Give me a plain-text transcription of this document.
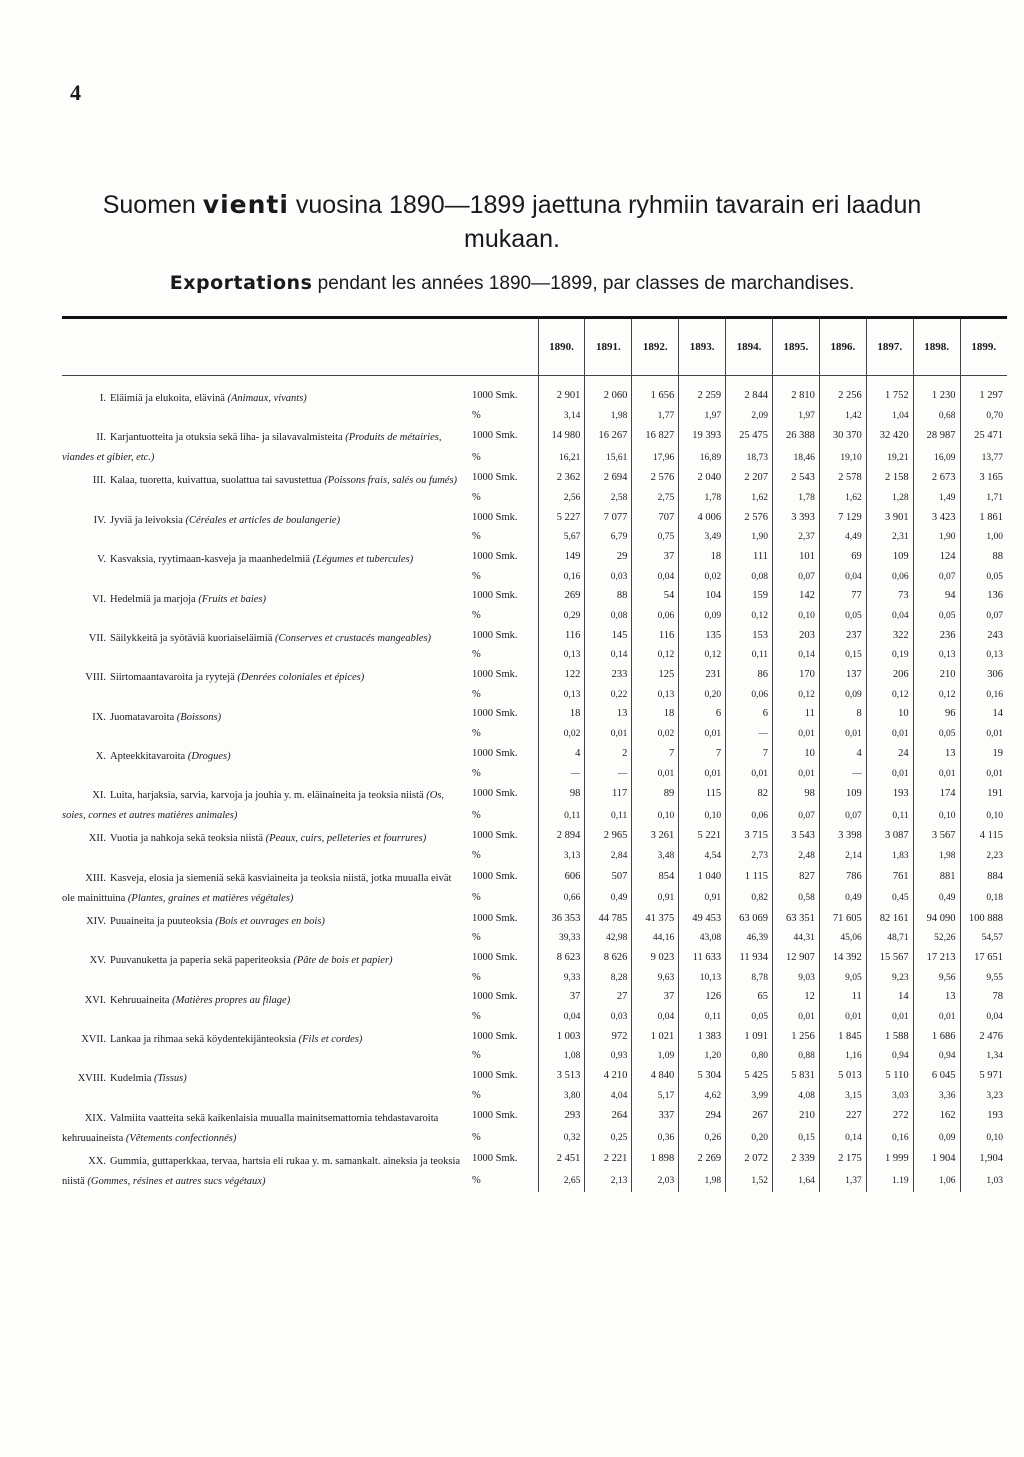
4
Suomen vienti vuosina 1890—1899 jaettuna ryhmiin tavarain eri laadun mukaan.
Exportations pendant les années 1890—1899, par classes de marchandises.

		1890.	1891.	1892.	1893.	1894.	1895.	1896.	1897.	1898.	1899.

I. Eläimiä ja elukoita, elävinä (Animaux, vivants)	1000 Smk.	2 901	2 060	1 656	2 259	2 844	2 810	2 256	1 752	1 230	1 297
	%	3,14	1,98	1,77	1,97	2,09	1,97	1,42	1,04	0,68	0,70
II. Karjantuotteita ja otuksia sekä liha- ja silavavalmisteita (Produits de métairies, viandes et gibier, etc.)	1000 Smk.	14 980	16 267	16 827	19 393	25 475	26 388	30 370	32 420	28 987	25 471
	%	16,21	15,61	17,96	16,89	18,73	18,46	19,10	19,21	16,09	13,77
III. Kalaa, tuoretta, kuivattua, suolattua tai savustettua (Poissons frais, salés ou fumés)	1000 Smk.	2 362	2 694	2 576	2 040	2 207	2 543	2 578	2 158	2 673	3 165
	%	2,56	2,58	2,75	1,78	1,62	1,78	1,62	1,28	1,49	1,71
IV. Jyviä ja leivoksia (Céréales et articles de boulangerie)	1000 Smk.	5 227	7 077	707	4 006	2 576	3 393	7 129	3 901	3 423	1 861
	%	5,67	6,79	0,75	3,49	1,90	2,37	4,49	2,31	1,90	1,00
V. Kasvaksia, ryytimaan-kasveja ja maanhedelmiä (Légumes et tubercules)	1000 Smk.	149	29	37	18	111	101	69	109	124	88
	%	0,16	0,03	0,04	0,02	0,08	0,07	0,04	0,06	0,07	0,05
VI. Hedelmiä ja marjoja (Fruits et baies)	1000 Smk.	269	88	54	104	159	142	77	73	94	136
	%	0,29	0,08	0,06	0,09	0,12	0,10	0,05	0,04	0,05	0,07
VII. Säilykkeitä ja syötäviä kuoriaiseläimiä (Conserves et crustacés mangeables)	1000 Smk.	116	145	116	135	153	203	237	322	236	243
	%	0,13	0,14	0,12	0,12	0,11	0,14	0,15	0,19	0,13	0,13
VIII. Siirtomaantavaroita ja ryytejä (Denrées coloniales et épices)	1000 Smk.	122	233	125	231	86	170	137	206	210	306
	%	0,13	0,22	0,13	0,20	0,06	0,12	0,09	0,12	0,12	0,16
IX. Juomatavaroita (Boissons)	1000 Smk.	18	13	18	6	6	11	8	10	96	14
	%	0,02	0,01	0,02	0,01	—	0,01	0,01	0,01	0,05	0,01
X. Apteekkitavaroita (Drogues)	1000 Smk.	4	2	7	7	7	10	4	24	13	19
	%	—	—	0,01	0,01	0,01	0,01	—	0,01	0,01	0,01
XI. Luita, harjaksia, sarvia, karvoja ja jouhia y. m. eläinaineita ja teoksia niistä (Os, soies, cornes et autres matières animales)	1000 Smk.	98	117	89	115	82	98	109	193	174	191
	%	0,11	0,11	0,10	0,10	0,06	0,07	0,07	0,11	0,10	0,10
XII. Vuotia ja nahkoja sekä teoksia niistä (Peaux, cuirs, pelleteries et fourrures)	1000 Smk.	2 894	2 965	3 261	5 221	3 715	3 543	3 398	3 087	3 567	4 115
	%	3,13	2,84	3,48	4,54	2,73	2,48	2,14	1,83	1,98	2,23
XIII. Kasveja, elosia ja siemeniä sekä kasviaineita ja teoksia niistä, jotka muualla eivät ole mainittuina (Plantes, graines et matières végétales)	1000 Smk.	606	507	854	1 040	1 115	827	786	761	881	884
	%	0,66	0,49	0,91	0,91	0,82	0,58	0,49	0,45	0,49	0,18
XIV. Puuaineita ja puuteoksia (Bois et ouvrages en bois)	1000 Smk.	36 353	44 785	41 375	49 453	63 069	63 351	71 605	82 161	94 090	100 888
	%	39,33	42,98	44,16	43,08	46,39	44,31	45,06	48,71	52,26	54,57
XV. Puuvanuketta ja paperia sekä paperiteoksia (Pâte de bois et papier)	1000 Smk.	8 623	8 626	9 023	11 633	11 934	12 907	14 392	15 567	17 213	17 651
	%	9,33	8,28	9,63	10,13	8,78	9,03	9,05	9,23	9,56	9,55
XVI. Kehruuaineita (Matières propres au filage)	1000 Smk.	37	27	37	126	65	12	11	14	13	78
	%	0,04	0,03	0,04	0,11	0,05	0,01	0,01	0,01	0,01	0,04
XVII. Lankaa ja rihmaa sekä köydentekijänteoksia (Fils et cordes)	1000 Smk.	1 003	972	1 021	1 383	1 091	1 256	1 845	1 588	1 686	2 476
	%	1,08	0,93	1,09	1,20	0,80	0,88	1,16	0,94	0,94	1,34
XVIII. Kudelmia (Tissus)	1000 Smk.	3 513	4 210	4 840	5 304	5 425	5 831	5 013	5 110	6 045	5 971
	%	3,80	4,04	5,17	4,62	3,99	4,08	3,15	3,03	3,36	3,23
XIX. Valmiita vaatteita sekä kaikenlaisia muualla mainitsemattomia tehdastavaroita kehruuaineista (Vêtements confectionnés)	1000 Smk.	293	264	337	294	267	210	227	272	162	193
	%	0,32	0,25	0,36	0,26	0,20	0,15	0,14	0,16	0,09	0,10
XX. Gummia, guttaperkkaa, tervaa, hartsia eli rukaa y. m. samankalt. aineksia ja teoksia niistä (Gommes, résines et autres sucs végétaux)	1000 Smk.	2 451	2 221	1 898	2 269	2 072	2 339	2 175	1 999	1 904	1,904
	%	2,65	2,13	2,03	1,98	1,52	1,64	1,37	1.19	1,06	1,03
